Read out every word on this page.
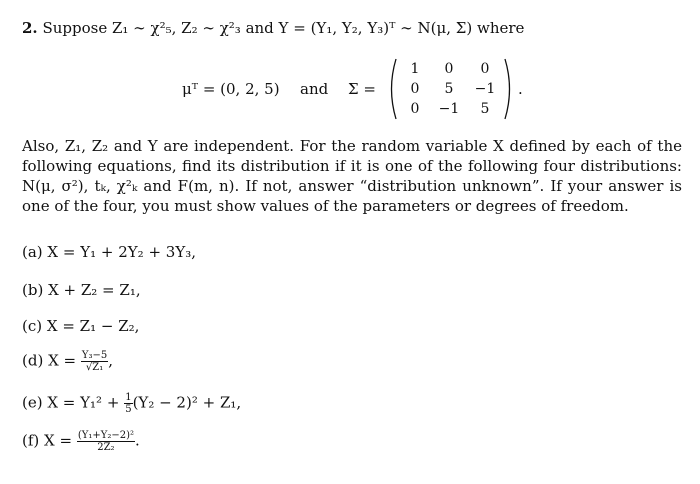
2. Suppose Z₁ ∼ χ²₅, Z₂ ∼ χ²₃ and Y = (Y₁, Y₂, Y₃)ᵀ ∼ N(μ, Σ) where
μᵀ = (0, 2, 5) and Σ =
1	0	0
0	5	−1
0	−1	5
.
Also, Z₁, Z₂ and Y are independent. For the random variable X defined by each of the following equations, find its distribution if it is one of the following four distributions: N(μ, σ²), tₖ, χ²ₖ and F(m, n). If not, answer “distribution unknown”. If your answer is one of the four, you must show values of the parameters or degrees of freedom.
(a) X = Y₁ + 2Y₂ + 3Y₃,
(b) X + Z₂ = Z₁,
(c) X = Z₁ − Z₂,
(d) $X = \frac{\text{Y₃−5}}{\text{√Z₁}}$ ,
(e) $X = Y_1^2 + \frac{1}{5} (Y_2 - 2)^2 + Z_1$,
(f) $X = \frac{\text{(Y₁+Y₂−2)²}}{\text{2Z₂}}$ .
